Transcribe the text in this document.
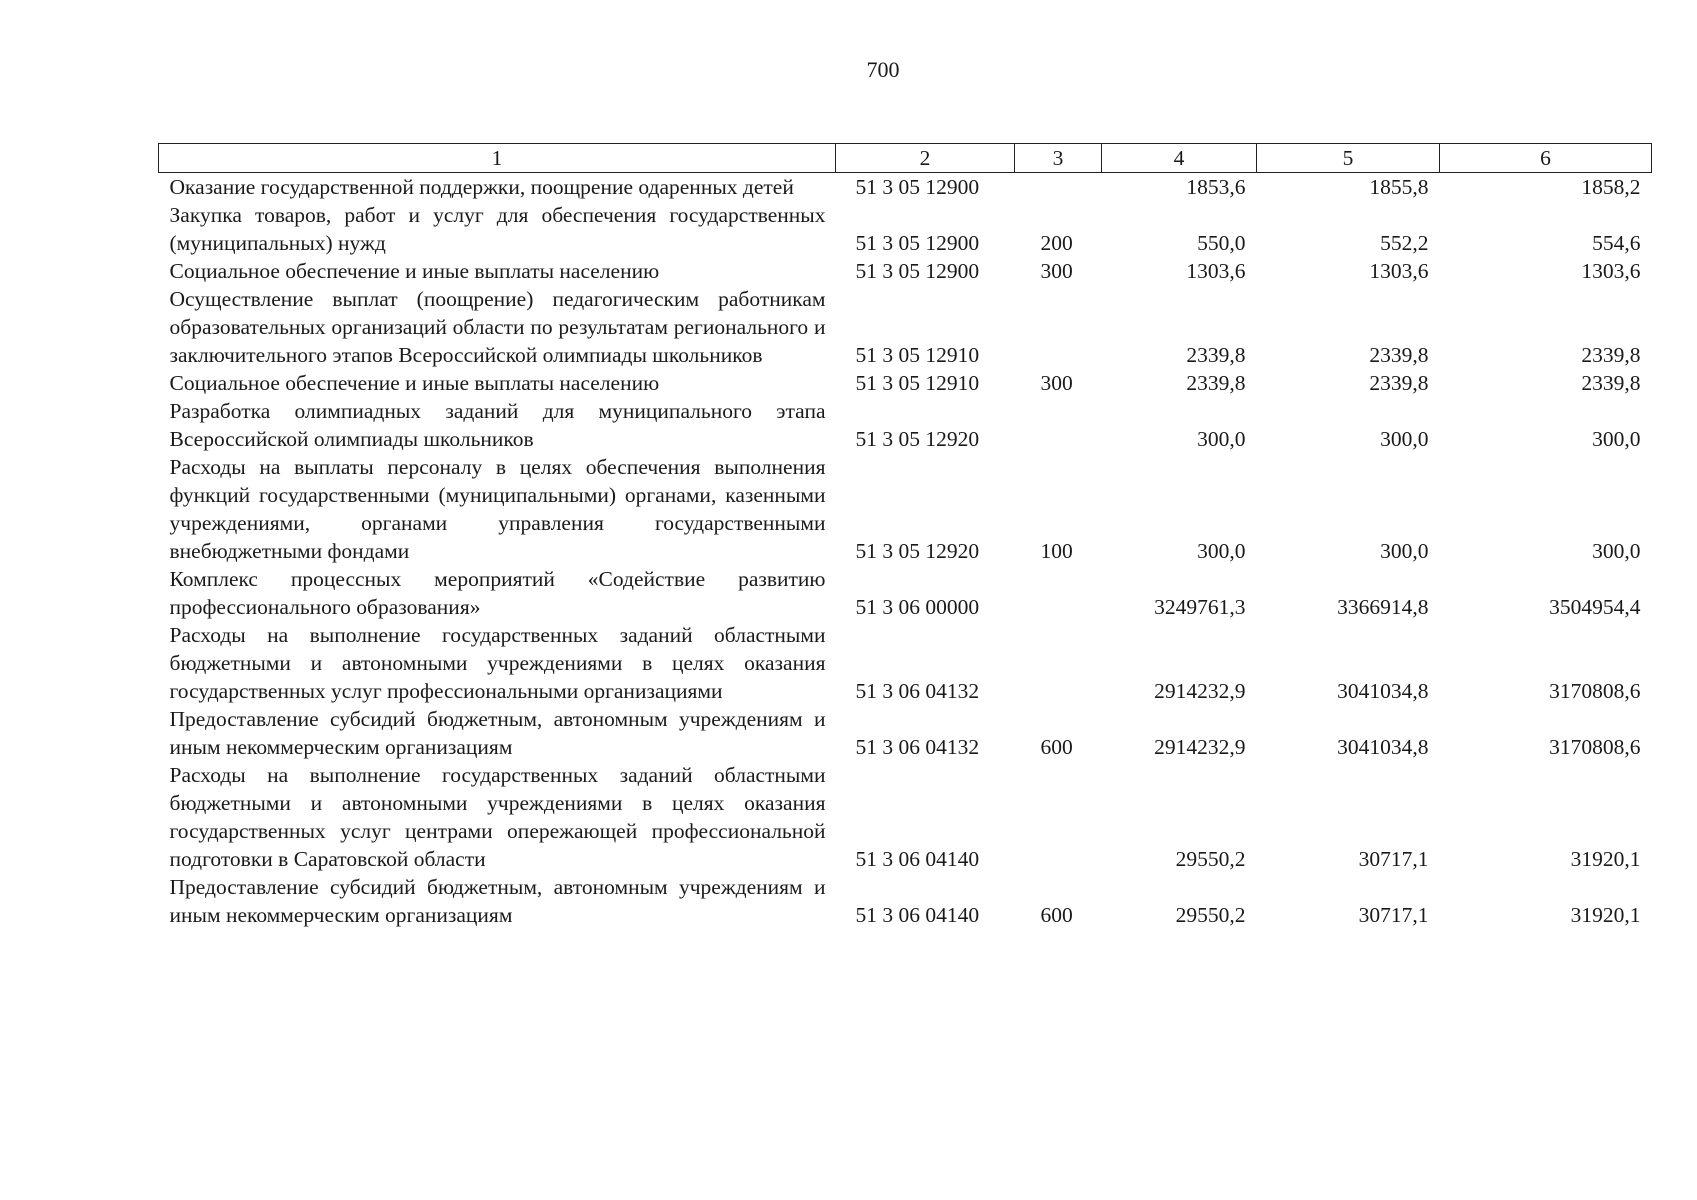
700
1	2	3	4	5	6
Оказание государственной поддержки, поощрение одаренных детей	51 3 05 12900		1853,6	1855,8	1858,2
Закупка товаров, работ и услуг для обеспечения государственных (муниципальных) нужд	51 3 05 12900	200	550,0	552,2	554,6
Социальное обеспечение и иные выплаты населению	51 3 05 12900	300	1303,6	1303,6	1303,6
Осуществление выплат (поощрение) педагогическим работникам образовательных организаций области по результатам регионального и заключительного этапов Всероссийской олимпиады школьников	51 3 05 12910		2339,8	2339,8	2339,8
Социальное обеспечение и иные выплаты населению	51 3 05 12910	300	2339,8	2339,8	2339,8
Разработка олимпиадных заданий для муниципального этапа Всероссийской олимпиады школьников	51 3 05 12920		300,0	300,0	300,0
Расходы на выплаты персоналу в целях обеспечения выполнения функций государственными (муниципальными) органами, казенными учреждениями, органами управления государственными внебюджетными фондами	51 3 05 12920	100	300,0	300,0	300,0
Комплекс процессных мероприятий «Содействие развитию профессионального образования»	51 3 06 00000		3249761,3	3366914,8	3504954,4
Расходы на выполнение государственных заданий областными бюджетными и автономными учреждениями в целях оказания государственных услуг профессиональными организациями	51 3 06 04132		2914232,9	3041034,8	3170808,6
Предоставление субсидий бюджетным, автономным учреждениям и иным некоммерческим организациям	51 3 06 04132	600	2914232,9	3041034,8	3170808,6
Расходы на выполнение государственных заданий областными бюджетными и автономными учреждениями в целях оказания государственных услуг центрами опережающей профессиональной подготовки в Саратовской области	51 3 06 04140		29550,2	30717,1	31920,1
Предоставление субсидий бюджетным, автономным учреждениям и иным некоммерческим организациям	51 3 06 04140	600	29550,2	30717,1	31920,1
